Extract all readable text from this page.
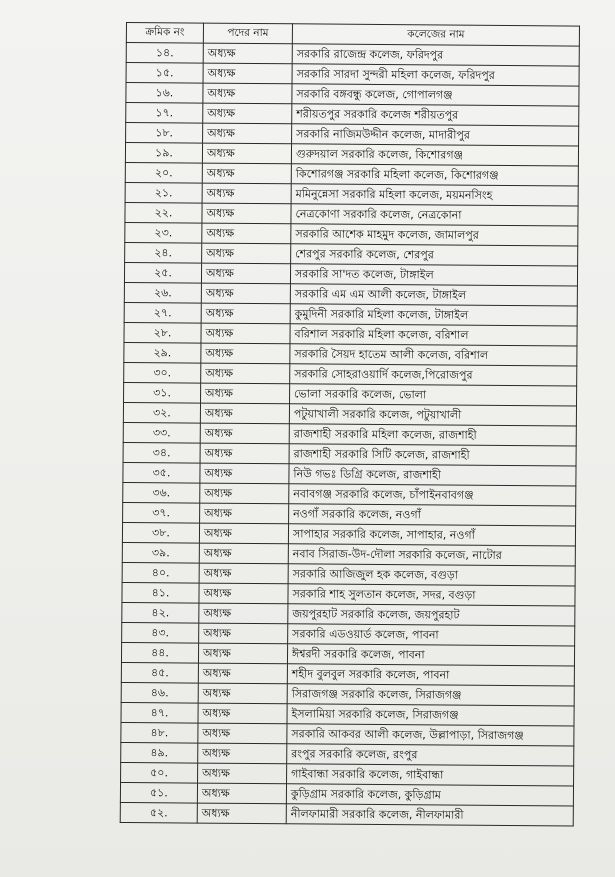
ক্রমিক নং	পদের নাম	কলেজের নাম
১৪.	অধ্যক্ষ	সরকারি রাজেন্দ্র কলেজ, ফরিদপুর
১৫.	অধ্যক্ষ	সরকারি সারদা সুন্দরী মহিলা কলেজ, ফরিদপুর
১৬.	অধ্যক্ষ	সরকারি বঙ্গবন্ধু কলেজ, গোপালগঞ্জ
১৭.	অধ্যক্ষ	শরীয়তপুর সরকারি কলেজ শরীয়তপুর
১৮.	অধ্যক্ষ	সরকারি নাজিমউদ্দীন কলেজ, মাদারীপুর
১৯.	অধ্যক্ষ	গুরুদয়াল সরকারি কলেজ, কিশোরগঞ্জ
২০.	অধ্যক্ষ	কিশোরগঞ্জ সরকারি মহিলা কলেজ, কিশোরগঞ্জ
২১.	অধ্যক্ষ	মমিনুন্নেসা সরকারি মহিলা কলেজ, ময়মনসিংহ
২২.	অধ্যক্ষ	নেত্রকোণা সরকারি কলেজ, নেত্রকোনা
২৩.	অধ্যক্ষ	সরকারি আশেক মাহমুদ কলেজ, জামালপুর
২৪.	অধ্যক্ষ	শেরপুর সরকারি কলেজ, শেরপুর
২৫.	অধ্যক্ষ	সরকারি সা'দত কলেজ, টাঙ্গাইল
২৬.	অধ্যক্ষ	সরকারি এম এম আলী কলেজ, টাঙ্গাইল
২৭.	অধ্যক্ষ	কুমুদিনী সরকারি মহিলা কলেজ, টাঙ্গাইল
২৮.	অধ্যক্ষ	বরিশাল সরকারি মহিলা কলেজ, বরিশাল
২৯.	অধ্যক্ষ	সরকারি সৈয়দ হাতেম আলী কলেজ, বরিশাল
৩০.	অধ্যক্ষ	সরকারি সোহরাওয়ার্দি কলেজ,পিরোজপুর
৩১.	অধ্যক্ষ	ভোলা সরকারি কলেজ, ভোলা
৩২.	অধ্যক্ষ	পটুয়াখালী সরকারি কলেজ, পটুয়াখালী
৩৩.	অধ্যক্ষ	রাজশাহী সরকারি মহিলা কলেজ, রাজশাহী
৩৪.	অধ্যক্ষ	রাজশাহী সরকারি সিটি কলেজ, রাজশাহী
৩৫.	অধ্যক্ষ	নিউ গভঃ ডিগ্রি কলেজ, রাজশাহী
৩৬.	অধ্যক্ষ	নবাবগঞ্জ সরকারি কলেজ, চাঁপাইনবাবগঞ্জ
৩৭.	অধ্যক্ষ	নওগাঁ সরকারি কলেজ, নওগাঁ
৩৮.	অধ্যক্ষ	সাপাহার সরকারি কলেজ, সাপাহার, নওগাঁ
৩৯.	অধ্যক্ষ	নবাব সিরাজ-উদ-দৌলা সরকারি কলেজ, নাটোর
৪০.	অধ্যক্ষ	সরকারি আজিজুল হক কলেজ, বগুড়া
৪১.	অধ্যক্ষ	সরকারি শাহ সুলতান কলেজ, সদর, বগুড়া
৪২.	অধ্যক্ষ	জয়পুরহাট সরকারি কলেজ, জয়পুরহাট
৪৩.	অধ্যক্ষ	সরকারি এডওয়ার্ড কলেজ, পাবনা
৪৪.	অধ্যক্ষ	ঈশ্বরদী সরকারি কলেজ, পাবনা
৪৫.	অধ্যক্ষ	শহীদ বুলবুল সরকারি কলেজ, পাবনা
৪৬.	অধ্যক্ষ	সিরাজগঞ্জ সরকারি কলেজ, সিরাজগঞ্জ
৪৭.	অধ্যক্ষ	ইসলামিয়া সরকারি কলেজ, সিরাজগঞ্জ
৪৮.	অধ্যক্ষ	সরকারি আকবর আলী কলেজ, উল্লাপাড়া, সিরাজগঞ্জ
৪৯.	অধ্যক্ষ	রংপুর সরকারি কলেজ, রংপুর
৫০.	অধ্যক্ষ	গাইবান্ধা সরকারি কলেজ, গাইবান্ধা
৫১.	অধ্যক্ষ	কুড়িগ্রাম সরকারি কলেজ, কুড়িগ্রাম
৫২.	অধ্যক্ষ	নীলফামারী সরকারি কলেজ, নীলফামারী
